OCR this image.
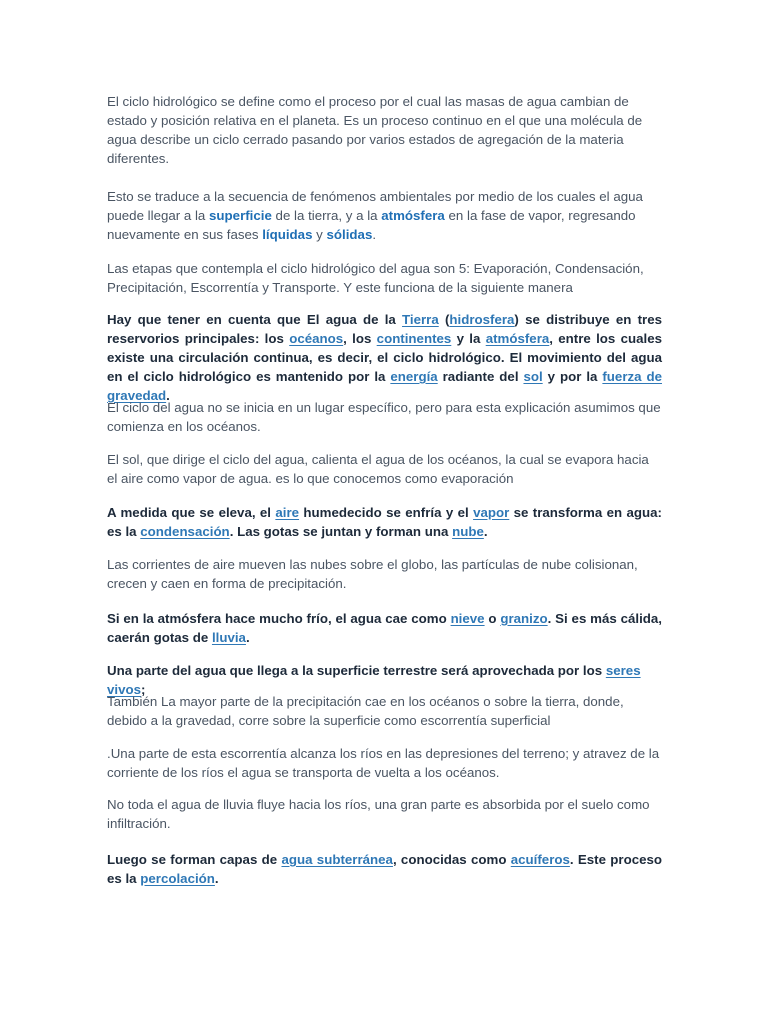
El ciclo hidrológico se define como el proceso por el cual las masas de agua cambian de estado y posición relativa en el planeta. Es un proceso continuo en el que una molécula de agua describe un ciclo cerrado pasando por varios estados de agregación de la materia diferentes.

Esto se traduce a la secuencia de fenómenos ambientales por medio de los cuales el agua puede llegar a la superficie de la tierra, y a la atmósfera en la fase de vapor, regresando nuevamente en sus fases líquidas y sólidas.

Las etapas que contempla el ciclo hidrológico del agua son 5: Evaporación, Condensación, Precipitación, Escorrentía y Transporte. Y este funciona de la siguiente manera

Hay que tener en cuenta que El agua de la Tierra (hidrosfera) se distribuye en tres reservorios principales: los océanos, los continentes y la atmósfera, entre los cuales existe una circulación continua, es decir, el ciclo hidrológico. El movimiento del agua en el ciclo hidrológico es mantenido por la energía radiante del sol y por la fuerza de gravedad.

El ciclo del agua no se inicia en un lugar específico, pero para esta explicación asumimos que comienza en los océanos.

El sol, que dirige el ciclo del agua, calienta el agua de los océanos, la cual se evapora hacia el aire como vapor de agua. es lo que conocemos como evaporación

A medida que se eleva, el aire humedecido se enfría y el vapor se transforma en agua: es la condensación. Las gotas se juntan y forman una nube.

Las corrientes de aire mueven las nubes sobre el globo, las partículas de nube colisionan, crecen y caen en forma de precipitación.

Si en la atmósfera hace mucho frío, el agua cae como nieve o granizo. Si es más cálida, caerán gotas de lluvia.

Una parte del agua que llega a la superficie terrestre será aprovechada por los seres vivos;

También La mayor parte de la precipitación cae en los océanos o sobre la tierra, donde, debido a la gravedad, corre sobre la superficie como escorrentía superficial

.Una parte de esta escorrentía alcanza los ríos en las depresiones del terreno; y atravez de la corriente de los ríos el agua se transporta de vuelta a los océanos.

No toda el agua de lluvia fluye hacia los ríos, una gran parte es absorbida por el suelo como infiltración.

Luego se forman capas de agua subterránea, conocidas como acuíferos. Este proceso es la percolación.
